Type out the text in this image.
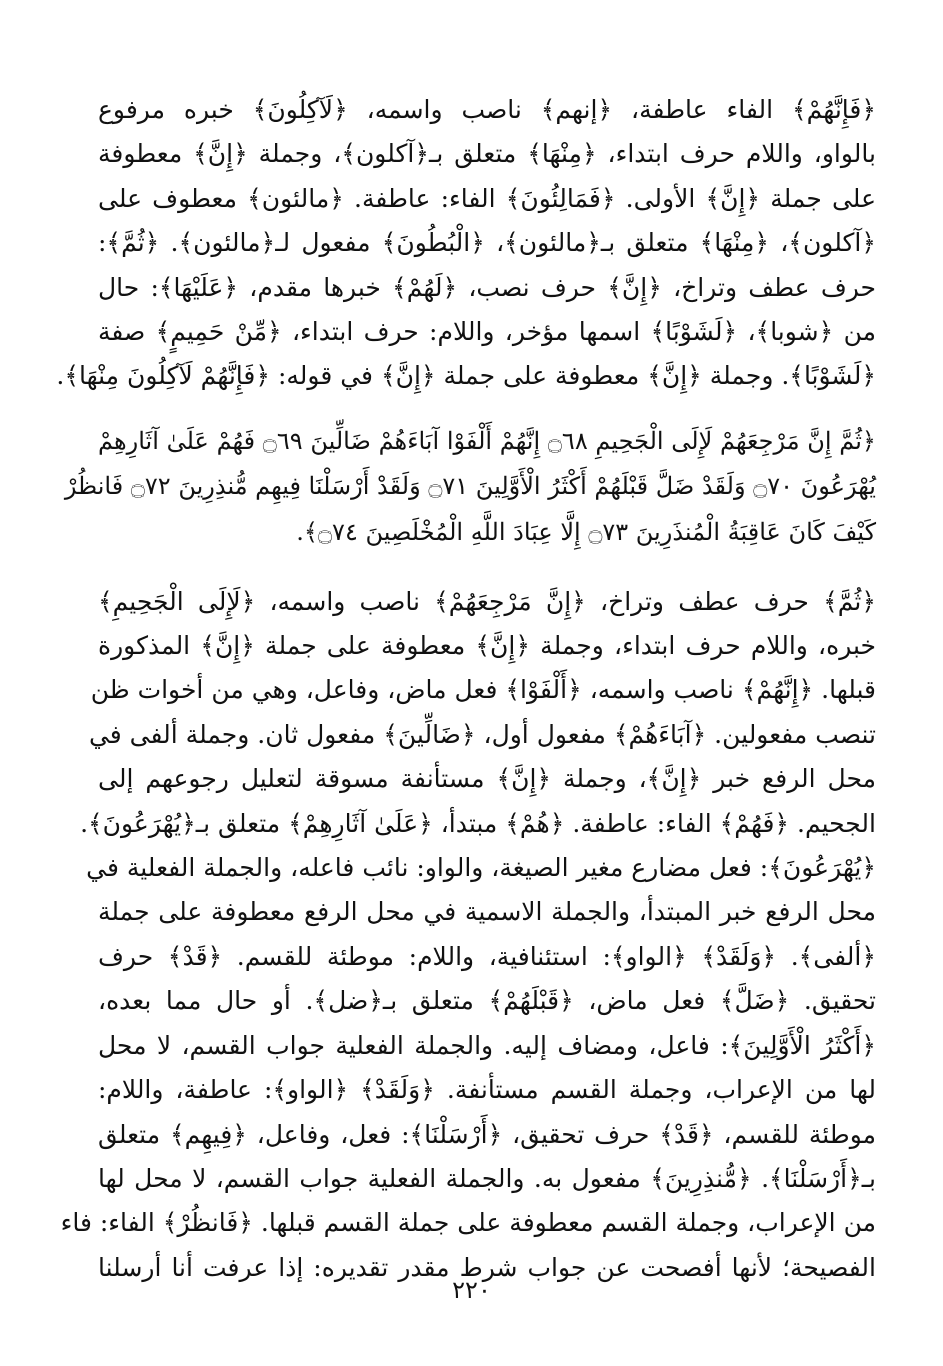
﴿فَإِنَّهُمْ﴾ الفاء عاطفة، ﴿إنهم﴾ ناصب واسمه، ﴿لَآكِلُونَ﴾ خبره مرفوع
بالواو، واللام حرف ابتداء، ﴿مِنْهَا﴾ متعلق بـ﴿آكلون﴾، وجملة ﴿إِنَّ﴾ معطوفة
على جملة ﴿إِنَّ﴾ الأولى. ﴿فَمَالِئُونَ﴾ الفاء: عاطفة. ﴿مالئون﴾ معطوف على
﴿آكلون﴾، ﴿مِنْهَا﴾ متعلق بـ﴿مالئون﴾، ﴿الْبُطُونَ﴾ مفعول لـ﴿مالئون﴾. ﴿ثُمَّ﴾:
حرف عطف وتراخ، ﴿إِنَّ﴾ حرف نصب، ﴿لَهُمْ﴾ خبرها مقدم، ﴿عَلَيْهَا﴾: حال
من ﴿شوبا﴾، ﴿لَشَوْبًا﴾ اسمها مؤخر، واللام: حرف ابتداء، ﴿مِّنْ حَمِيمٍ﴾ صفة
﴿لَشَوْبًا﴾. وجملة ﴿إِنَّ﴾ معطوفة على جملة ﴿إِنَّ﴾ في قوله: ﴿فَإِنَّهُمْ لَآكِلُونَ مِنْهَا﴾.
﴿ثُمَّ إِنَّ مَرْجِعَهُمْ لَإِلَى الْجَحِيمِ ۝٦٨ إِنَّهُمْ أَلْفَوْا آبَاءَهُمْ ضَالِّينَ ۝٦٩ فَهُمْ عَلَىٰ آثَارِهِمْ
يُهْرَعُونَ ۝٧٠ وَلَقَدْ ضَلَّ قَبْلَهُمْ أَكْثَرُ الْأَوَّلِينَ ۝٧١ وَلَقَدْ أَرْسَلْنَا فِيهِم مُّنذِرِينَ ۝٧٢ فَانظُرْ
كَيْفَ كَانَ عَاقِبَةُ الْمُنذَرِينَ ۝٧٣ إِلَّا عِبَادَ اللَّهِ الْمُخْلَصِينَ ۝٧٤﴾.
﴿ثُمَّ﴾ حرف عطف وتراخ، ﴿إِنَّ مَرْجِعَهُمْ﴾ ناصب واسمه، ﴿لَإِلَى الْجَحِيمِ﴾
خبره، واللام حرف ابتداء، وجملة ﴿إِنَّ﴾ معطوفة على جملة ﴿إِنَّ﴾ المذكورة
قبلها. ﴿إِنَّهُمْ﴾ ناصب واسمه، ﴿أَلْفَوْا﴾ فعل ماض، وفاعل، وهي من أخوات ظن
تنصب مفعولين. ﴿آبَاءَهُمْ﴾ مفعول أول، ﴿ضَالِّينَ﴾ مفعول ثان. وجملة ألفى في
محل الرفع خبر ﴿إِنَّ﴾، وجملة ﴿إِنَّ﴾ مستأنفة مسوقة لتعليل رجوعهم إلى
الجحيم. ﴿فَهُمْ﴾ الفاء: عاطفة. ﴿هُمْ﴾ مبتدأ، ﴿عَلَىٰ آثَارِهِمْ﴾ متعلق بـ﴿يُهْرَعُونَ﴾.
﴿يُهْرَعُونَ﴾: فعل مضارع مغير الصيغة، والواو: نائب فاعله، والجملة الفعلية في
محل الرفع خبر المبتدأ، والجملة الاسمية في محل الرفع معطوفة على جملة
﴿ألفى﴾. ﴿وَلَقَدْ﴾ ﴿الواو﴾: استئنافية، واللام: موطئة للقسم. ﴿قَدْ﴾ حرف
تحقيق. ﴿ضَلَّ﴾ فعل ماض، ﴿قَبْلَهُمْ﴾ متعلق بـ﴿ضل﴾. أو حال مما بعده،
﴿أَكْثَرُ الْأَوَّلِينَ﴾: فاعل، ومضاف إليه. والجملة الفعلية جواب القسم، لا محل
لها من الإعراب، وجملة القسم مستأنفة. ﴿وَلَقَدْ﴾ ﴿الواو﴾: عاطفة، واللام:
موطئة للقسم، ﴿قَدْ﴾ حرف تحقيق، ﴿أَرْسَلْنَا﴾: فعل، وفاعل، ﴿فِيهِم﴾ متعلق
بـ﴿أَرْسَلْنَا﴾. ﴿مُّنذِرِينَ﴾ مفعول به. والجملة الفعلية جواب القسم، لا محل لها
من الإعراب، وجملة القسم معطوفة على جملة القسم قبلها. ﴿فَانظُرْ﴾ الفاء: فاء
الفصيحة؛ لأنها أفصحت عن جواب شرط مقدر تقديره: إذا عرفت أنا أرسلنا
٢٢٠
